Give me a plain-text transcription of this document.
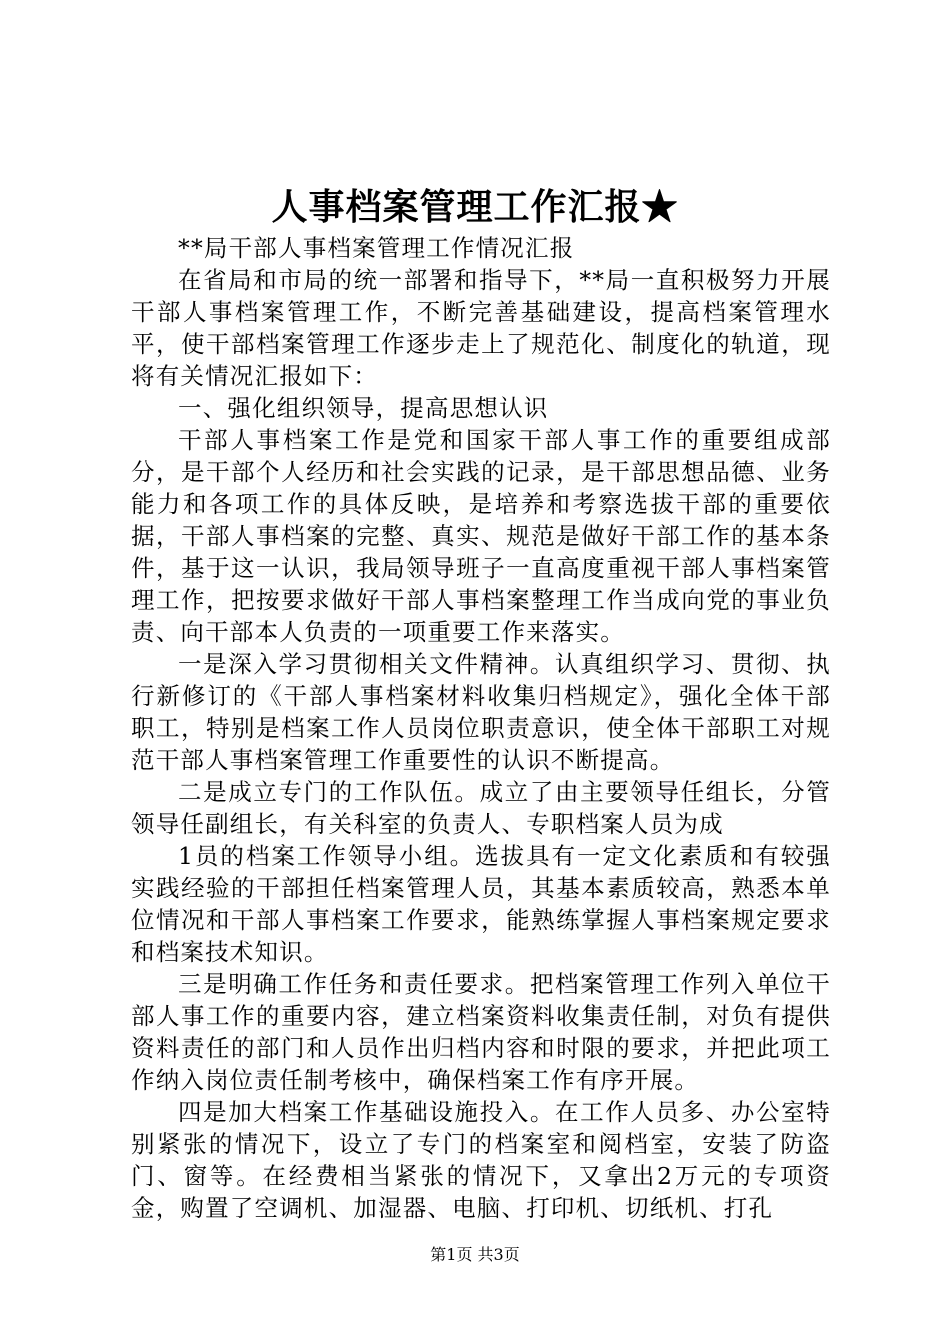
人事档案管理工作汇报★

**局干部人事档案管理工作情况汇报

在省局和市局的统一部署和指导下，**局一直积极努力开展干部人事档案管理工作，不断完善基础建设，提高档案管理水平，使干部档案管理工作逐步走上了规范化、制度化的轨道，现将有关情况汇报如下：

一、强化组织领导，提高思想认识

干部人事档案工作是党和国家干部人事工作的重要组成部分，是干部个人经历和社会实践的记录，是干部思想品德、业务能力和各项工作的具体反映，是培养和考察选拔干部的重要依据，干部人事档案的完整、真实、规范是做好干部工作的基本条件，基于这一认识，我局领导班子一直高度重视干部人事档案管理工作，把按要求做好干部人事档案整理工作当成向党的事业负责、向干部本人负责的一项重要工作来落实。

一是深入学习贯彻相关文件精神。认真组织学习、贯彻、执行新修订的《干部人事档案材料收集归档规定》，强化全体干部职工，特别是档案工作人员岗位职责意识，使全体干部职工对规范干部人事档案管理工作重要性的认识不断提高。

二是成立专门的工作队伍。成立了由主要领导任组长，分管领导任副组长，有关科室的负责人、专职档案人员为成

1员的档案工作领导小组。选拔具有一定文化素质和有较强实践经验的干部担任档案管理人员，其基本素质较高，熟悉本单位情况和干部人事档案工作要求，能熟练掌握人事档案规定要求和档案技术知识。

三是明确工作任务和责任要求。把档案管理工作列入单位干部人事工作的重要内容，建立档案资料收集责任制，对负有提供资料责任的部门和人员作出归档内容和时限的要求，并把此项工作纳入岗位责任制考核中，确保档案工作有序开展。

四是加大档案工作基础设施投入。在工作人员多、办公室特别紧张的情况下，设立了专门的档案室和阅档室，安装了防盗门、窗等。在经费相当紧张的情况下，又拿出2万元的专项资金，购置了空调机、加湿器、电脑、打印机、切纸机、打孔

第1页 共3页
